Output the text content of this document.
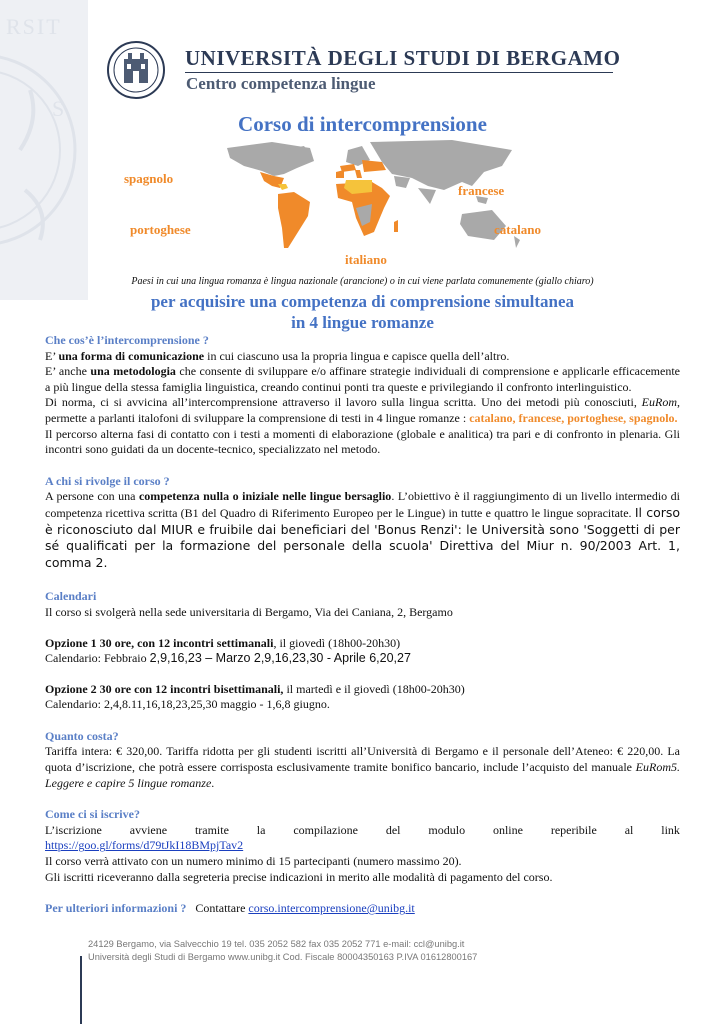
RSIT
S
UNIVERSITÀ DEGLI STUDI DI BERGAMO
Centro competenza lingue
Corso di intercomprensione
spagnolo
francese
portoghese	catalano
italiano
Paesi in cui una lingua romanza è lingua nazionale (arancione) o in cui viene parlata comunemente (giallo chiaro)
per acquisire una competenza di comprensione simultanea
in 4 lingue romanze

Che cos’è l’intercomprensione ?

E’ una forma di comunicazione in cui ciascuno usa la propria lingua e capisce quella dell’altro.

E’ anche una metodologia che consente di sviluppare e/o affinare strategie individuali di comprensione e applicarle efficacemente a più lingue della stessa famiglia linguistica, creando continui ponti tra queste e privilegiando il confronto interlinguistico.

Di norma, ci si avvicina all’intercomprensione attraverso il lavoro sulla lingua scritta. Uno dei metodi più conosciuti, EuRom, permette a parlanti italofoni di sviluppare la comprensione di testi in 4 lingue romanze : catalano, francese, portoghese, spagnolo.

Il percorso alterna fasi di contatto con i testi a momenti di elaborazione (globale e analitica) tra pari e di confronto in plenaria. Gli incontri sono guidati da un docente-tecnico, specializzato nel metodo.

A chi si rivolge il corso ?

A persone con una competenza nulla o iniziale nelle lingue bersaglio. L’obiettivo è il raggiungimento di un livello intermedio di competenza ricettiva scritta (B1 del Quadro di Riferimento Europeo per le Lingue) in tutte e quattro le lingue sopracitate. Il corso è riconosciuto dal MIUR e fruibile dai beneficiari del 'Bonus Renzi': le Università sono 'Soggetti di per sé qualificati per la formazione del personale della scuola' Direttiva del Miur n. 90/2003 Art. 1, comma 2.

Calendari

Il corso si svolgerà nella sede universitaria di Bergamo, Via dei Caniana, 2, Bergamo

Opzione 1 30 ore, con 12 incontri settimanali, il giovedì (18h00-20h30)

Calendario: Febbraio 2,9,16,23 – Marzo 2,9,16,23,30 - Aprile 6,20,27

Opzione 2 30 ore con 12 incontri bisettimanali, il martedì e il giovedì (18h00-20h30)

Calendario: 2,4,8.11,16,18,23,25,30 maggio - 1,6,8 giugno.

Quanto costa?

Tariffa intera: € 320,00. Tariffa ridotta per gli studenti iscritti all’Università di Bergamo e il personale dell’Ateneo: € 220,00. La quota d’iscrizione, che potrà essere corrisposta esclusivamente tramite bonifico bancario, include l’acquisto del manuale EuRom5. Leggere e capire 5 lingue romanze.

Come ci si iscrive?

L’iscrizione avviene tramite la compilazione del modulo online reperibile al link

https://goo.gl/forms/d79tJkI18BMpjTav2

Il corso verrà attivato con un numero minimo di 15 partecipanti (numero massimo 20).

Gli iscritti riceveranno dalla segreteria precise indicazioni in merito alle modalità di pagamento del corso.

Per ulteriori informazioni ? Contattare corso.intercomprensione@unibg.it

24129 Bergamo, via Salvecchio 19 tel. 035 2052 582 fax 035 2052 771 e-mail: ccl@unibg.it
Università degli Studi di Bergamo www.unibg.it Cod. Fiscale 80004350163 P.IVA 01612800167
